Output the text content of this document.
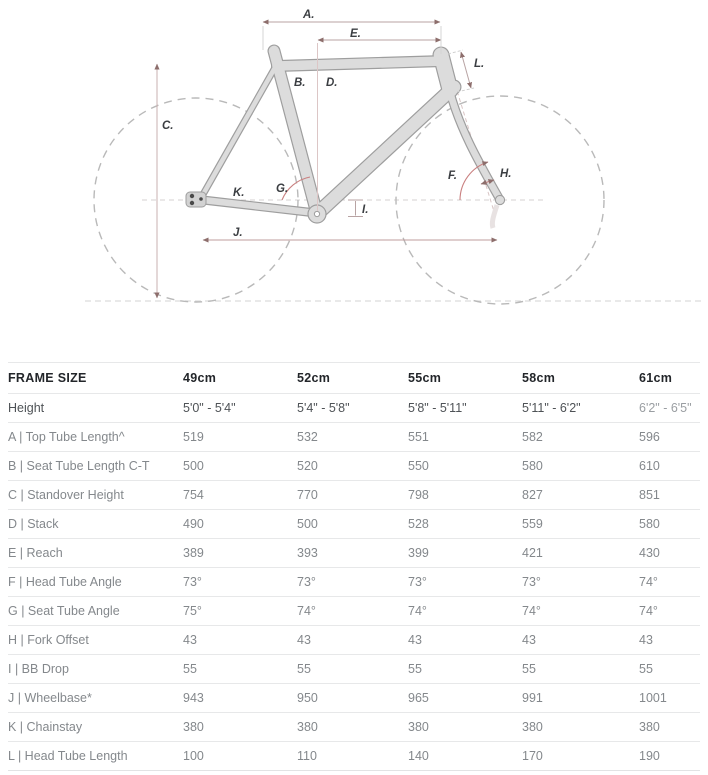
A.
E.
B. D.
C.
L.
F.	H.
G.
K.
I.
J.
FRAME SIZE	49cm	52cm	55cm	58cm	61cm
Height	5'0" - 5'4"	5'4" - 5'8"	5'8" - 5'11"	5'11" - 6'2"	6'2" - 6'5"
A | Top Tube Length^	519	532	551	582	596
B | Seat Tube Length C-T	500	520	550	580	610
C | Standover Height	754	770	798	827	851
D | Stack	490	500	528	559	580
E | Reach	389	393	399	421	430
F | Head Tube Angle	73°	73°	73°	73°	74°
G | Seat Tube Angle	75°	74°	74°	74°	74°
H | Fork Offset	43	43	43	43	43
I | BB Drop	55	55	55	55	55
J | Wheelbase*	943	950	965	991	1001
K | Chainstay	380	380	380	380	380
L | Head Tube Length	100	110	140	170	190
